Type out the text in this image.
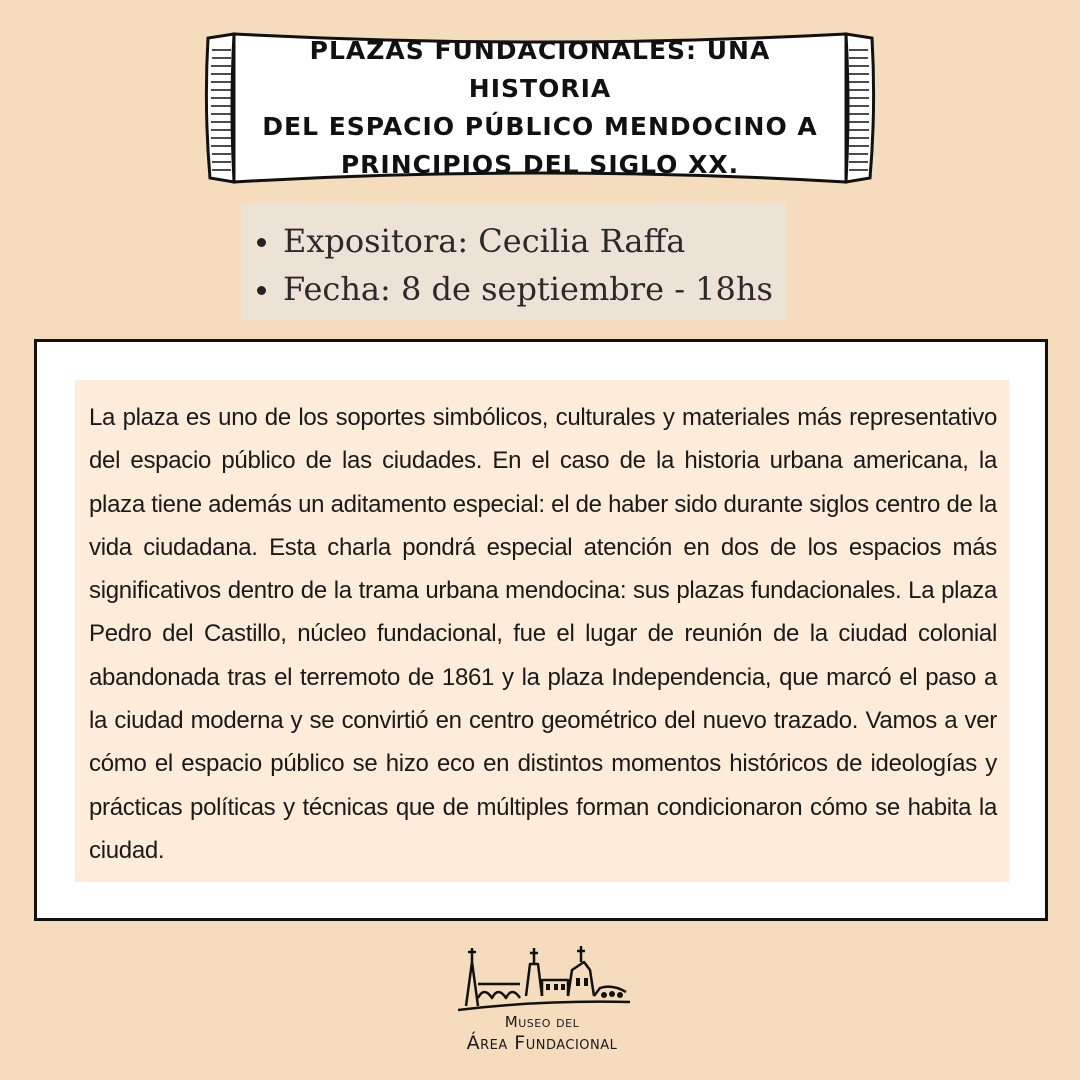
PLAZAS FUNDACIONALES: UNA HISTORIA
DEL ESPACIO PÚBLICO MENDOCINO A
PRINCIPIOS DEL SIGLO XX.
Expositora: Cecilia Raffa
Fecha: 8 de septiembre - 18hs

La plaza es uno de los soportes simbólicos, culturales y materiales más representativo del espacio público de las ciudades. En el caso de la historia urbana americana, la plaza tiene además un aditamento especial: el de haber sido durante siglos centro de la vida ciudadana. Esta charla pondrá especial atención en dos de los espacios más significativos dentro de la trama urbana mendocina: sus plazas fundacionales. La plaza Pedro del Castillo, núcleo fundacional, fue el lugar de reunión de la ciudad colonial abandonada tras el terremoto de 1861 y la plaza Independencia, que marcó el paso a la ciudad moderna y se convirtió en centro geométrico del nuevo trazado. Vamos a ver cómo el espacio público se hizo eco en distintos momentos históricos de ideologías y prácticas políticas y técnicas que de múltiples forman condicionaron cómo se habita la ciudad.

Museo del
Área Fundacional
